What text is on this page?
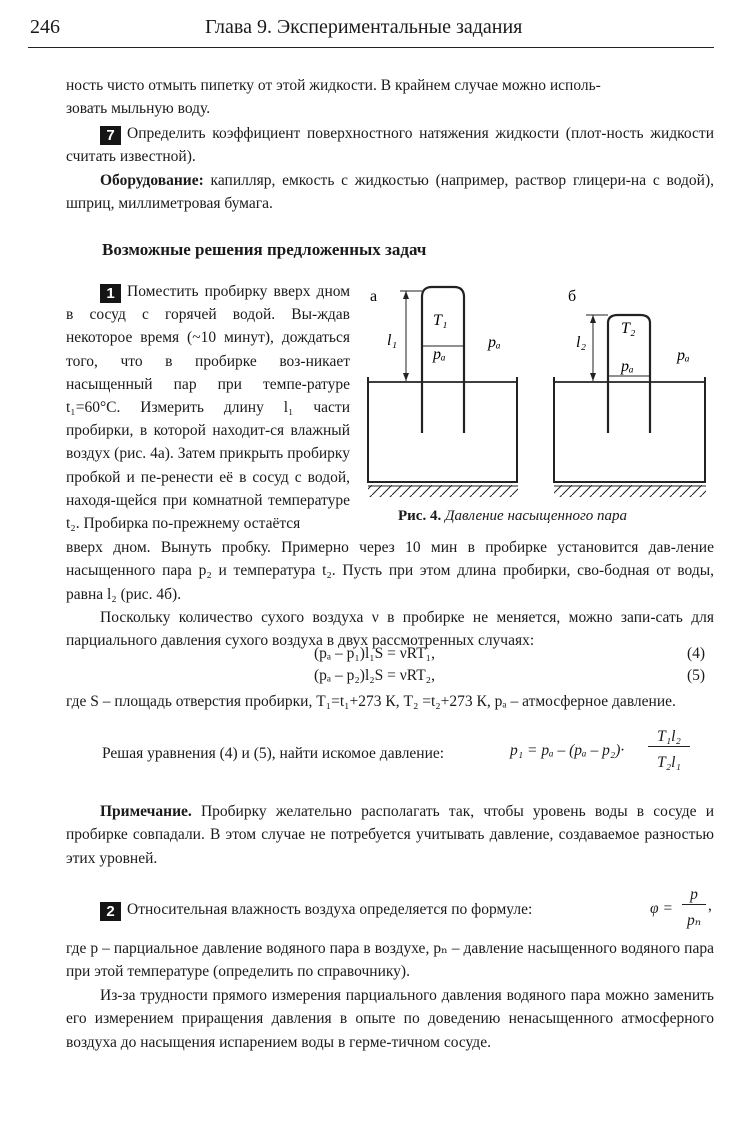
246	Глава 9. Экспериментальные задания
ность чисто отмыть пипетку от этой жидкости. В крайнем случае можно исполь-
зовать мыльную воду.
7 Определить коэффициент поверхностного натяжения жидкости (плот-ность жидкости считать известной).
Оборудование: капилляр, емкость с жидкостью (например, раствор глицери-на с водой), шприц, миллиметровая бумага.
Возможные решения предложенных задач
1 Поместить пробирку вверх дном в сосуд с горячей водой. Вы-ждав некоторое время (~10 минут), дождаться того, что в пробирке воз-никает насыщенный пар при темпе-ратуре t₁=60°C. Измерить длину l₁ части пробирки, в которой находит-ся влажный воздух (рис. 4а). Затем прикрыть пробирку пробкой и пе-ренести её в сосуд с водой, находя-щейся при комнатной температуре t₂. Пробирка по-прежнему остаётся
а	б
T₁	T₂
l₁	l₂
pₐ
pₐ
pₐ
pₐ
Рис. 4. Давление насыщенного пара
вверх дном. Вынуть пробку. Примерно через 10 мин в пробирке установится дав-ление насыщенного пара p₂ и температура t₂. Пусть при этом длина пробирки, сво-бодная от воды, равна l₂ (рис. 4б).
Поскольку количество сухого воздуха ν в пробирке не меняется, можно запи-сать для парциального давления сухого воздуха в двух рассмотренных случаях:
(pₐ – p₁)l₁S = νRT₁,	(4)
(pₐ – p₂)l₂S = νRT₂,	(5)
где S – площадь отверстия пробирки, T₁=t₁+273 К, T₂ =t₂+273 К, pₐ – атмосферное давление.
Решая уравнения (4) и (5), найти искомое давление:	p₁ = pₐ – (pₐ – p₂)·
T₁l₂
T₂l₁
Примечание. Пробирку желательно располагать так, чтобы уровень воды в сосуде и пробирке совпадали. В этом случае не потребуется учитывать давление, создаваемое разностью этих уровней.
2 Относительная влажность воздуха определяется по формуле:	φ =
p
pₙ
,
где p – парциальное давление водяного пара в воздухе, pₙ – давление насыщенного водяного пара при этой температуре (определить по справочнику).
Из-за трудности прямого измерения парциального давления водяного пара можно заменить его измерением приращения давления в опыте по доведению ненасыщенного атмосферного воздуха до насыщения испарением воды в гермe-тичном сосуде.
